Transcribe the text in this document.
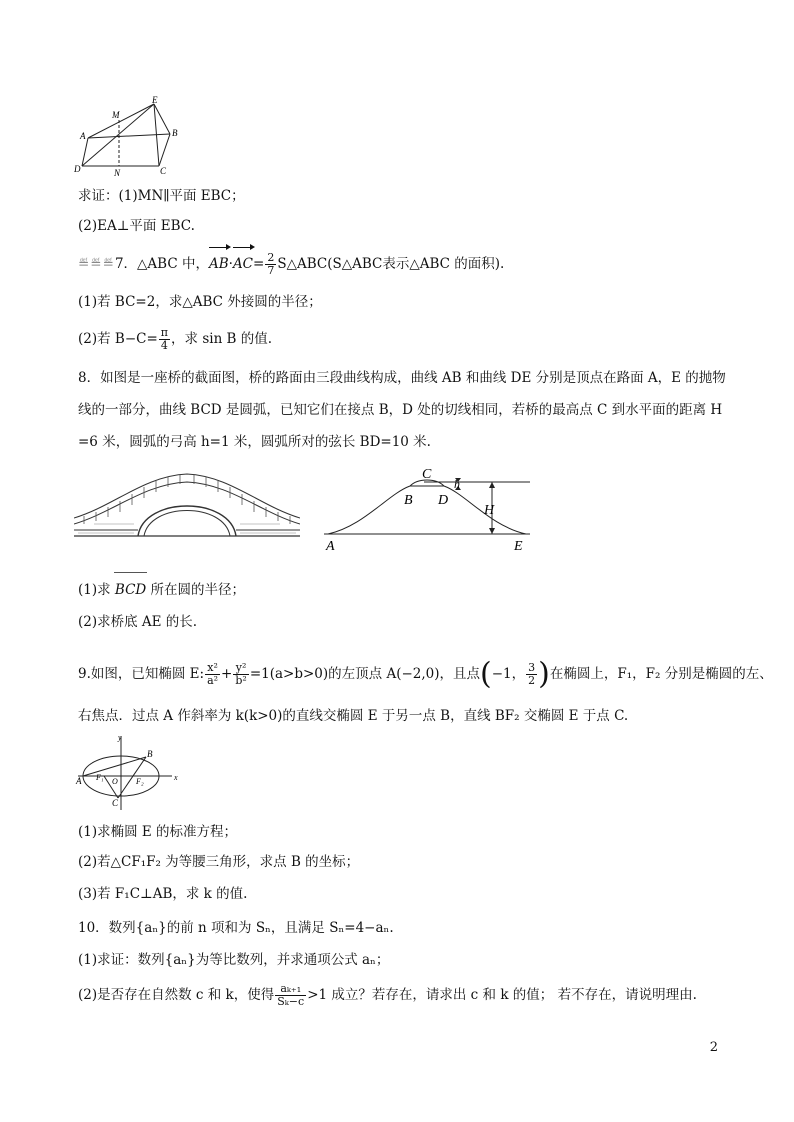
M
E
A	B
D	N	C
求证：(1)MN∥平面 EBC；
(2)EA⊥平面 EBC.
≝≝≝7．△ABC 中，$AB\cdot AC= \frac{2}{7}$ S△ABC(S△ABC表示△ABC 的面积).
(1)若 BC=2，求△ABC 外接圆的半径；
(2)若 $B-C= \frac{\pi}{4}$ ，求 sin B 的值.
8．如图是一座桥的截面图，桥的路面由三段曲线构成，曲线 AB 和曲线 DE 分别是顶点在路面 A，E 的抛物
线的一部分，曲线 BCD 是圆弧，已知它们在接点 B，D 处的切线相同，若桥的最高点 C 到水平面的距离 H
=6 米，圆弧的弓高 h=1 米，圆弧所对的弦长 BD=10 米.
C
B D
h
H
A	E
(1)求 BCD 所在圆的半径；
(2)求桥底 AE 的长.
9.如图，已知椭圆 E: $\frac{\text{x²}}{\text{a²}} + \frac{\text{y²}}{\text{b²}} =1(a>b>0)$的左顶点 A(−2,0)，且点(−1， $\frac{3}{2}$ )在椭圆上，F₁，F₂ 分别是椭圆的左、
右焦点．过点 A 作斜率为 k(k>0)的直线交椭圆 E 于另一点 B，直线 BF₂ 交椭圆 E 于点 C.
y
B
A F₁ O F₂	x
C
(1)求椭圆 E 的标准方程；
(2)若△CF₁F₂ 为等腰三角形，求点 B 的坐标；
(3)若 F₁C⊥AB，求 k 的值.
10．数列{aₙ}的前 n 项和为 Sₙ，且满足 Sₙ=4−aₙ.
(1)求证：数列{aₙ}为等比数列，并求通项公式 aₙ；
(2)是否存在自然数 c 和 k，使得 $\frac{\text{aₖ₊₁}}{\text{Sₖ−c}} >1$ 成立？若存在，请求出 c 和 k 的值； 若不存在，请说明理由.
2
